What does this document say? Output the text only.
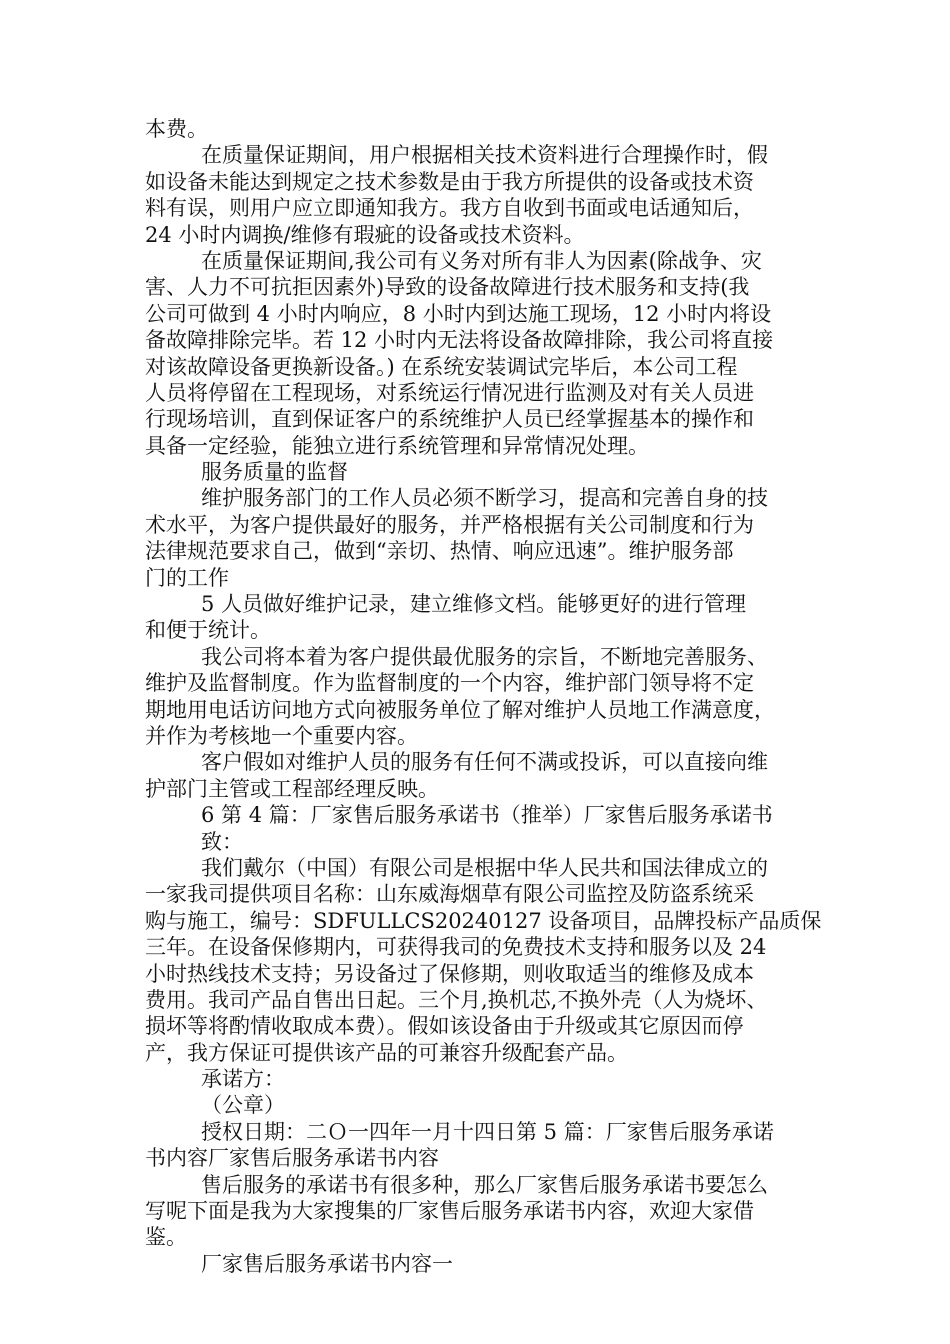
本费。
在质量保证期间，用户根据相关技术资料进行合理操作时，假
如设备未能达到规定之技术参数是由于我方所提供的设备或技术资
料有误，则用户应立即通知我方。我方自收到书面或电话通知后，
24 小时内调换/维修有瑕疵的设备或技术资料。
在质量保证期间,我公司有义务对所有非人为因素(除战争、灾
害、人力不可抗拒因素外)导致的设备故障进行技术服务和支持(我
公司可做到 4 小时内响应，8 小时内到达施工现场，12 小时内将设
备故障排除完毕。若 12 小时内无法将设备故障排除，我公司将直接
对该故障设备更换新设备。) 在系统安装调试完毕后，本公司工程
人员将停留在工程现场，对系统运行情况进行监测及对有关人员进
行现场培训，直到保证客户的系统维护人员已经掌握基本的操作和
具备一定经验，能独立进行系统管理和异常情况处理。
服务质量的监督
维护服务部门的工作人员必须不断学习，提高和完善自身的技
术水平，为客户提供最好的服务，并严格根据有关公司制度和行为
法律规范要求自己，做到“亲切、热情、响应迅速”。维护服务部
门的工作
5 人员做好维护记录，建立维修文档。能够更好的进行管理
和便于统计。
我公司将本着为客户提供最优服务的宗旨，不断地完善服务、
维护及监督制度。作为监督制度的一个内容，维护部门领导将不定
期地用电话访问地方式向被服务单位了解对维护人员地工作满意度，
并作为考核地一个重要内容。
客户假如对维护人员的服务有任何不满或投诉，可以直接向维
护部门主管或工程部经理反映。
6 第 4 篇：厂家售后服务承诺书（推举）厂家售后服务承诺书
致：
我们戴尔（中国）有限公司是根据中华人民共和国法律成立的
一家我司提供项目名称：山东威海烟草有限公司监控及防盗系统采
购与施工，编号：SDFULLCS20240127 设备项目，品牌投标产品质保
三年。在设备保修期内，可获得我司的免费技术支持和服务以及 24
小时热线技术支持；另设备过了保修期，则收取适当的维修及成本
费用。我司产品自售出日起。三个月,换机芯,不换外壳（人为烧坏、
损坏等将酌情收取成本费）。假如该设备由于升级或其它原因而停
产，我方保证可提供该产品的可兼容升级配套产品。
承诺方：
（公章）
授权日期：二Ｏ一四年一月十四日第 5 篇：厂家售后服务承诺
书内容厂家售后服务承诺书内容
售后服务的承诺书有很多种，那么厂家售后服务承诺书要怎么
写呢下面是我为大家搜集的厂家售后服务承诺书内容，欢迎大家借
鉴。
厂家售后服务承诺书内容一
